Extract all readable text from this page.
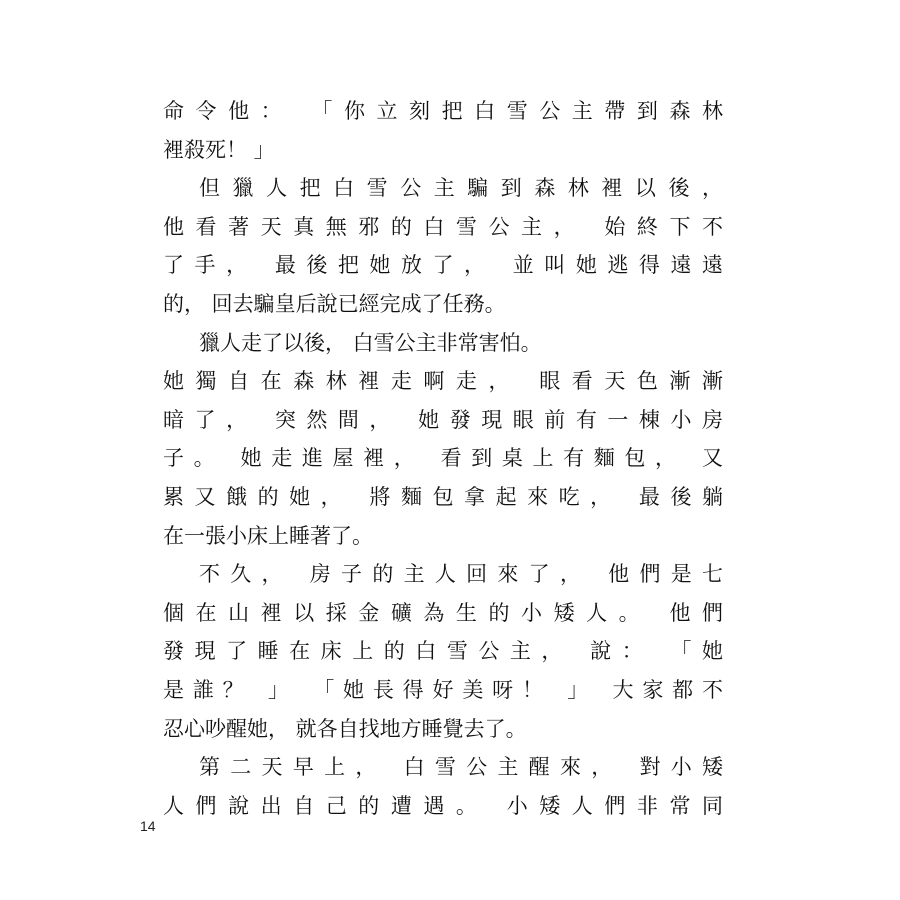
命令他： 「你立刻把白雪公主帶到森林
裡殺死！ 」
但獵人把白雪公主騙到森林裡以後，
他看著天真無邪的白雪公主， 始終下不
了手， 最後把她放了， 並叫她逃得遠遠
的， 回去騙皇后說已經完成了任務。
獵人走了以後， 白雪公主非常害怕。
她獨自在森林裡走啊走， 眼看天色漸漸
暗了， 突然間， 她發現眼前有一棟小房
子。 她走進屋裡， 看到桌上有麵包， 又
累又餓的她， 將麵包拿起來吃， 最後躺
在一張小床上睡著了。
不久， 房子的主人回來了， 他們是七
個在山裡以採金礦為生的小矮人。 他們
發現了睡在床上的白雪公主， 說： 「她
是誰？ 」 「她長得好美呀！ 」 大家都不
忍心吵醒她， 就各自找地方睡覺去了。
第二天早上， 白雪公主醒來， 對小矮
人們說出自己的遭遇。 小矮人們非常同
14
